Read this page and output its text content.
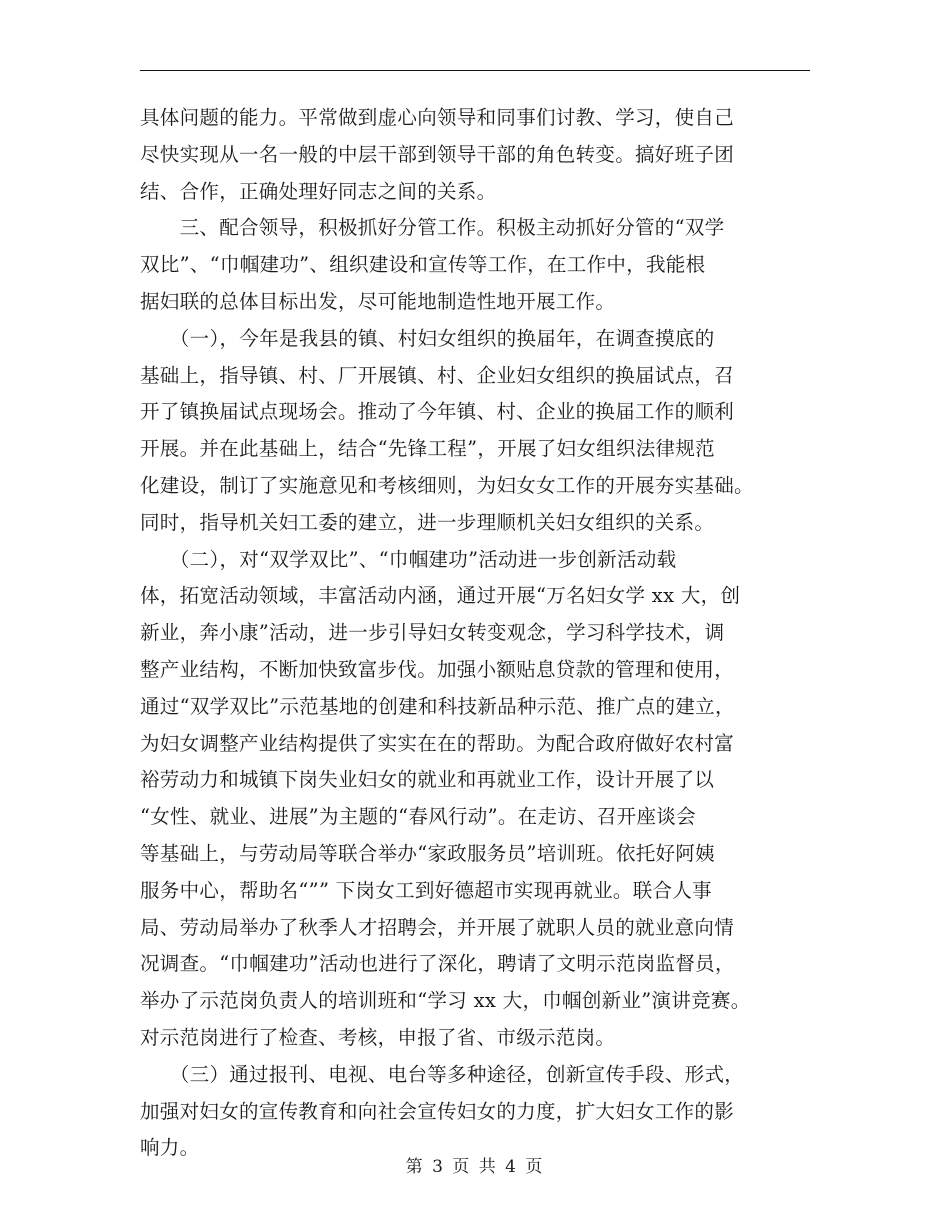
具体问题的能力。平常做到虚心向领导和同事们讨教、学习，使自己
尽快实现从一名一般的中层干部到领导干部的角色转变。搞好班子团
结、合作，正确处理好同志之间的关系。
　　三、配合领导，积极抓好分管工作。积极主动抓好分管的“双学
双比”、“巾帼建功”、组织建设和宣传等工作，在工作中，我能根
据妇联的总体目标出发，尽可能地制造性地开展工作。
　　（一），今年是我县的镇、村妇女组织的换届年，在调查摸底的
基础上，指导镇、村、厂开展镇、村、企业妇女组织的换届试点，召
开了镇换届试点现场会。推动了今年镇、村、企业的换届工作的顺利
开展。并在此基础上，结合“先锋工程”，开展了妇女组织法律规范
化建设，制订了实施意见和考核细则，为妇女女工作的开展夯实基础。
同时，指导机关妇工委的建立，进一步理顺机关妇女组织的关系。
　　（二），对“双学双比”、“巾帼建功”活动进一步创新活动载
体，拓宽活动领域，丰富活动内涵，通过开展“万名妇女学 xx 大，创
新业，奔小康”活动，进一步引导妇女转变观念，学习科学技术，调
整产业结构，不断加快致富步伐。加强小额贴息贷款的管理和使用，
通过“双学双比”示范基地的创建和科技新品种示范、推广点的建立，
为妇女调整产业结构提供了实实在在的帮助。为配合政府做好农村富
裕劳动力和城镇下岗失业妇女的就业和再就业工作，设计开展了以
“女性、就业、进展”为主题的“春风行动”。在走访、召开座谈会
等基础上，与劳动局等联合举办“家政服务员”培训班。依托好阿姨
服务中心，帮助名“”” 下岗女工到好德超市实现再就业。联合人事
局、劳动局举办了秋季人才招聘会，并开展了就职人员的就业意向情
况调查。“巾帼建功”活动也进行了深化，聘请了文明示范岗监督员，
举办了示范岗负责人的培训班和“学习 xx 大，巾帼创新业”演讲竞赛。
对示范岗进行了检查、考核，申报了省、市级示范岗。
　　（三）通过报刊、电视、电台等多种途径，创新宣传手段、形式，
加强对妇女的宣传教育和向社会宣传妇女的力度，扩大妇女工作的影
响力。
第 3 页 共 4 页
